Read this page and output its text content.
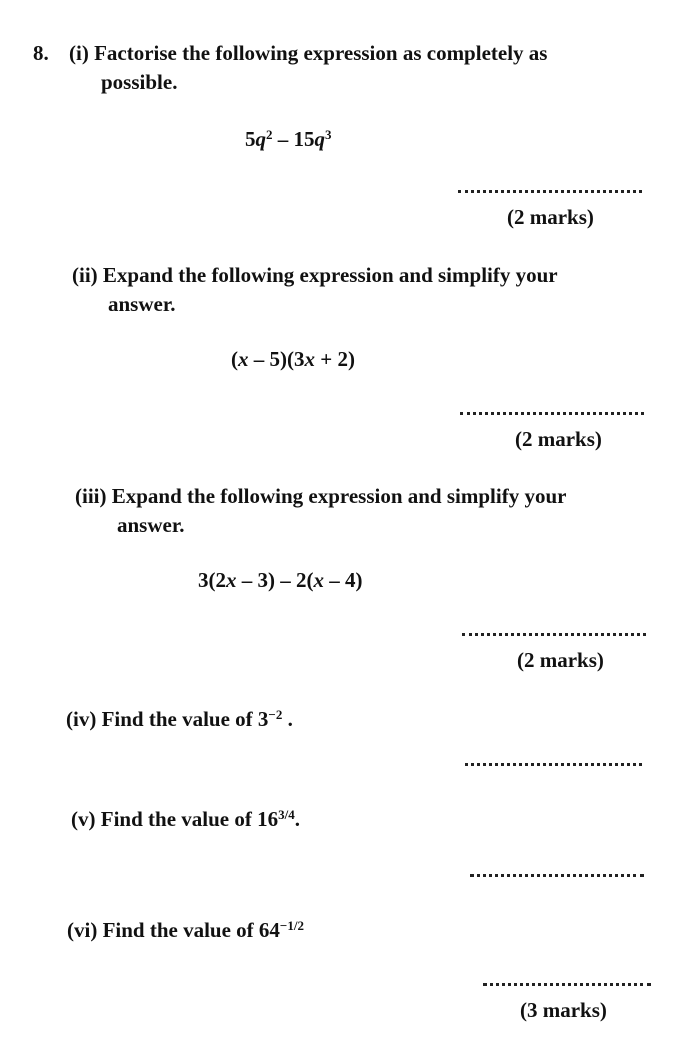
8. (i) Factorise the following expression as completely as
possible.
$5q^2 - 15q^3$
(2 marks)
(ii) Expand the following expression and simplify your
answer.
(x – 5)(3x + 2)
(2 marks)
(iii) Expand the following expression and simplify your
answer.
3(2x – 3) – 2(x – 4)
(2 marks)
(iv) Find the value of $3^{-2}$ .
(v) Find the value of $16^{3/4}$.
(vi) Find the value of $64^{-1/2}$
(3 marks)
